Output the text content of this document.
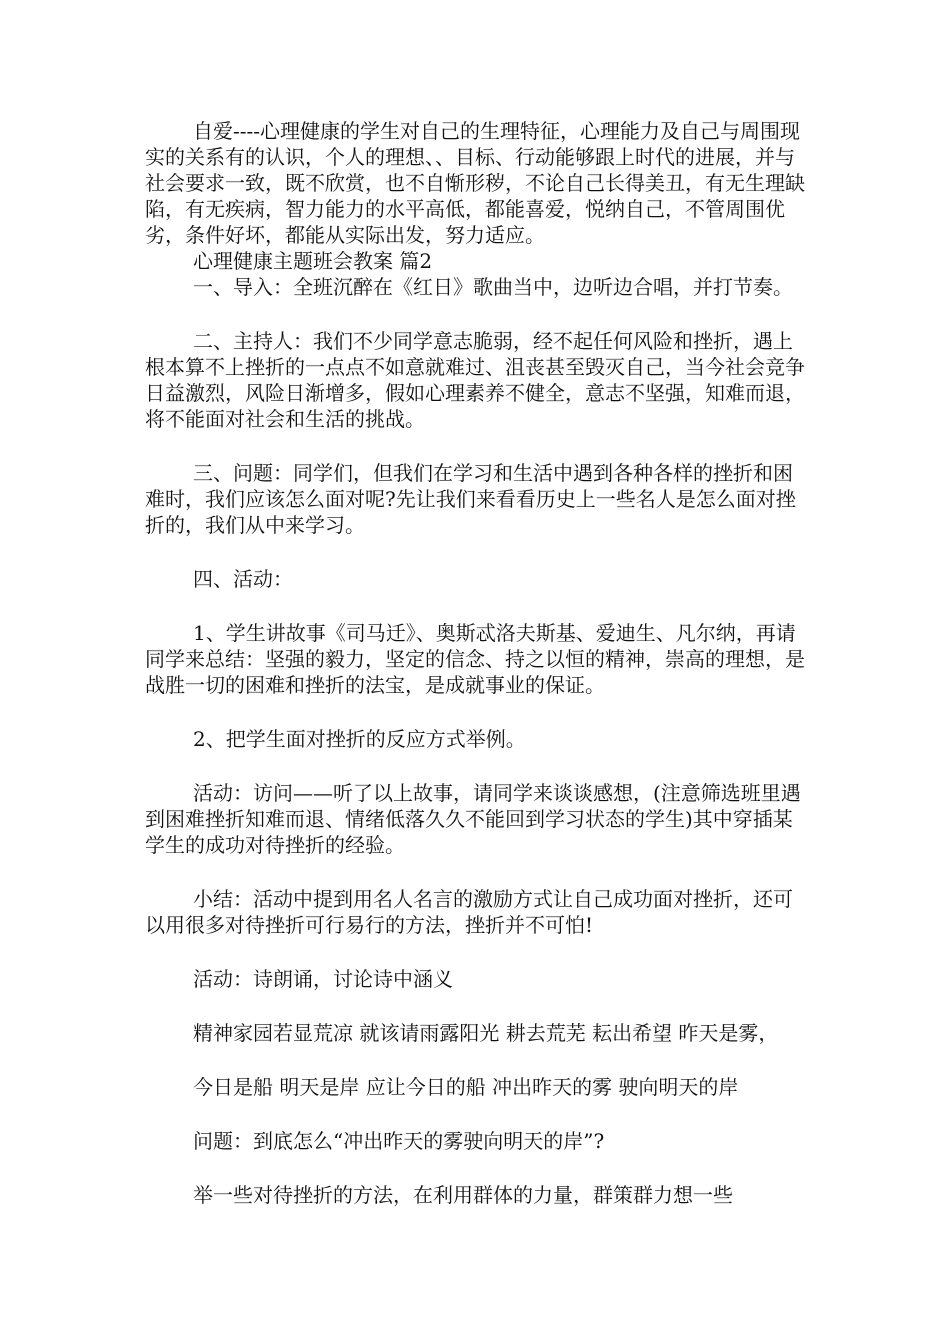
自爱----心理健康的学生对自己的生理特征，心理能力及自己与周围现实的关系有的认识，个人的理想、、目标、行动能够跟上时代的进展，并与社会要求一致，既不欣赏，也不自惭形秽，不论自己长得美丑，有无生理缺陷，有无疾病，智力能力的水平高低，都能喜爱，悦纳自己，不管周围优劣，条件好坏，都能从实际出发，努力适应。

心理健康主题班会教案 篇2

一、导入：全班沉醉在《红日》歌曲当中，边听边合唱，并打节奏。

二、主持人：我们不少同学意志脆弱，经不起任何风险和挫折，遇上根本算不上挫折的一点点不如意就难过、沮丧甚至毁灭自己，当今社会竞争日益激烈，风险日渐增多，假如心理素养不健全，意志不坚强，知难而退，将不能面对社会和生活的挑战。

三、问题：同学们，但我们在学习和生活中遇到各种各样的挫折和困难时，我们应该怎么面对呢?先让我们来看看历史上一些名人是怎么面对挫折的，我们从中来学习。

四、活动：

1、学生讲故事《司马迁》、奥斯忒洛夫斯基、爱迪生、凡尔纳，再请同学来总结：坚强的毅力，坚定的信念、持之以恒的精神，崇高的理想，是战胜一切的困难和挫折的法宝，是成就事业的保证。

2、把学生面对挫折的反应方式举例。

活动：访问——听了以上故事，请同学来谈谈感想，(注意筛选班里遇到困难挫折知难而退、情绪低落久久不能回到学习状态的学生)其中穿插某学生的成功对待挫折的经验。

小结：活动中提到用名人名言的激励方式让自己成功面对挫折，还可以用很多对待挫折可行易行的方法，挫折并不可怕!

活动：诗朗诵，讨论诗中涵义

精神家园若显荒凉 就该请雨露阳光 耕去荒芜 耘出希望 昨天是雾，

今日是船 明天是岸 应让今日的船 冲出昨天的雾 驶向明天的岸

问题：到底怎么“冲出昨天的雾驶向明天的岸”?

举一些对待挫折的方法，在利用群体的力量，群策群力想一些
